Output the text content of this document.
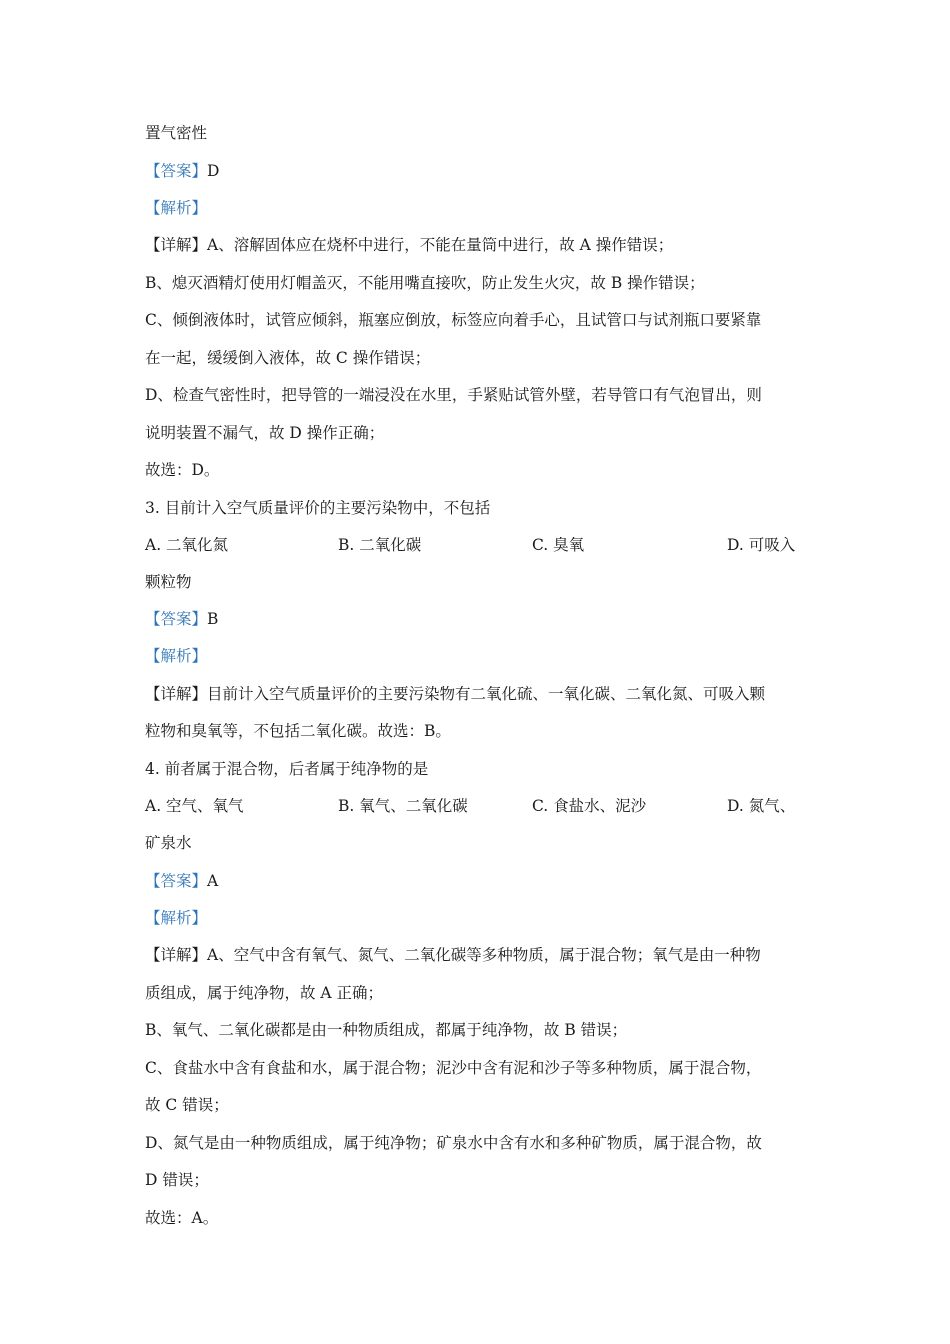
置气密性
【答案】D
【解析】
【详解】A、溶解固体应在烧杯中进行，不能在量筒中进行，故 A 操作错误；
B、熄灭酒精灯使用灯帽盖灭，不能用嘴直接吹，防止发生火灾，故 B 操作错误；
C、倾倒液体时，试管应倾斜，瓶塞应倒放，标签应向着手心，且试管口与试剂瓶口要紧靠
在一起，缓缓倒入液体，故 C 操作错误；
D、检查气密性时，把导管的一端浸没在水里，手紧贴试管外壁，若导管口有气泡冒出，则
说明装置不漏气，故 D 操作正确；
故选：D。
3. 目前计入空气质量评价的主要污染物中，不包括
A. 二氧化氮	B. 二氧化碳	C. 臭氧	D. 可吸入
颗粒物
【答案】B
【解析】
【详解】目前计入空气质量评价的主要污染物有二氧化硫、一氧化碳、二氧化氮、可吸入颗
粒物和臭氧等，不包括二氧化碳。故选：B。
4. 前者属于混合物，后者属于纯净物的是
A. 空气、氧气	B. 氧气、二氧化碳	C. 食盐水、泥沙	D. 氮气、
矿泉水
【答案】A
【解析】
【详解】A、空气中含有氧气、氮气、二氧化碳等多种物质，属于混合物；氧气是由一种物
质组成，属于纯净物，故 A 正确；
B、氧气、二氧化碳都是由一种物质组成，都属于纯净物，故 B 错误；
C、食盐水中含有食盐和水，属于混合物；泥沙中含有泥和沙子等多种物质，属于混合物，
故 C 错误；
D、氮气是由一种物质组成，属于纯净物；矿泉水中含有水和多种矿物质，属于混合物，故
D 错误；
故选：A。
